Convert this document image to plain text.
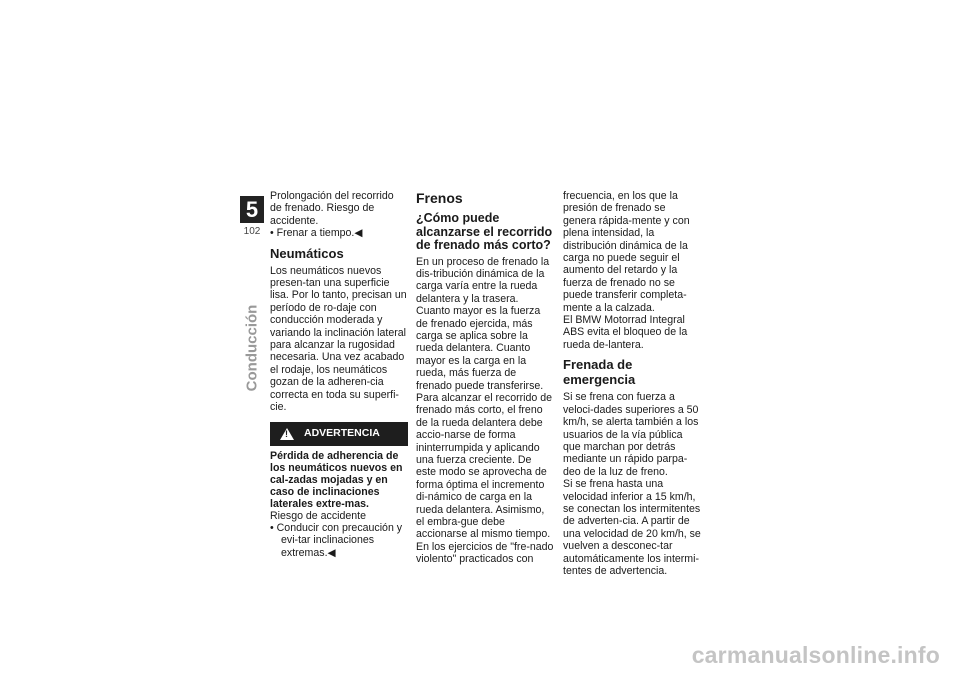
5
102
Conducción

Prolongación del recorrido de frenado. Riesgo de accidente.

• Frenar a tiempo.◀

Neumáticos

Los neumáticos nuevos presen-tan una superficie lisa. Por lo tanto, precisan un período de ro-daje con conducción moderada y variando la inclinación lateral para alcanzar la rugosidad necesaria. Una vez acabado el rodaje, los neumáticos gozan de la adheren-cia correcta en toda su superfi-cie.

!
ADVERTENCIA

Pérdida de adherencia de los neumáticos nuevos en cal-zadas mojadas y en caso de inclinaciones laterales extre-mas.

Riesgo de accidente

• Conducir con precaución y evi-tar inclinaciones extremas.◀

Frenos
¿Cómo puede alcanzarse el recorrido de frenado más corto?

En un proceso de frenado la dis-tribución dinámica de la carga varía entre la rueda delantera y la trasera. Cuanto mayor es la fuerza de frenado ejercida, más carga se aplica sobre la rueda delantera. Cuanto mayor es la carga en la rueda, más fuerza de frenado puede transferirse.

Para alcanzar el recorrido de frenado más corto, el freno de la rueda delantera debe accio-narse de forma ininterrumpida y aplicando una fuerza creciente. De este modo se aprovecha de forma óptima el incremento di-námico de carga en la rueda delantera. Asimismo, el embra-gue debe accionarse al mismo tiempo. En los ejercicios de "fre-nado violento" practicados con

frecuencia, en los que la presión de frenado se genera rápida-mente y con plena intensidad, la distribución dinámica de la carga no puede seguir el aumento del retardo y la fuerza de frenado no se puede transferir completa-mente a la calzada.

El BMW Motorrad Integral ABS evita el bloqueo de la rueda de-lantera.

Frenada de emergencia

Si se frena con fuerza a veloci-dades superiores a 50 km/h, se alerta también a los usuarios de la vía pública que marchan por detrás mediante un rápido parpa-deo de la luz de freno.

Si se frena hasta una velocidad inferior a 15 km/h, se conectan los intermitentes de adverten-cia. A partir de una velocidad de 20 km/h, se vuelven a desconec-tar automáticamente los intermi-tentes de advertencia.

carmanualsonline.info
